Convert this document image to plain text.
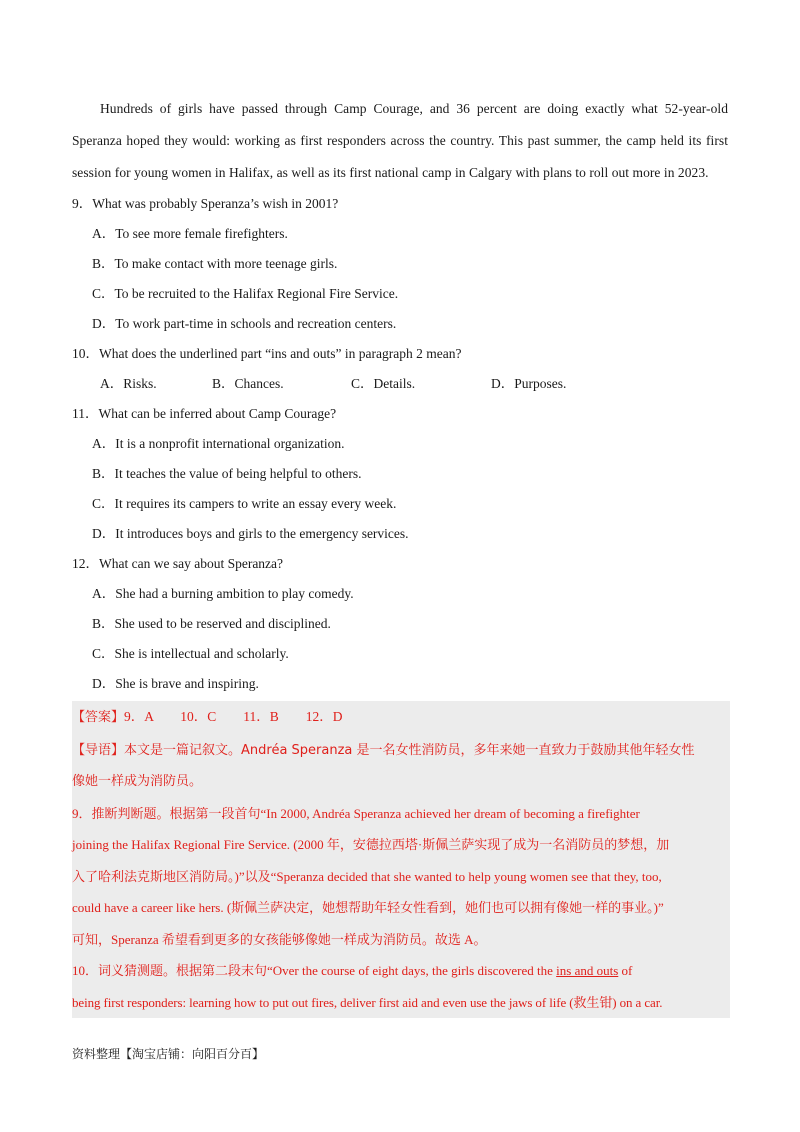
Hundreds of girls have passed through Camp Courage, and 36 percent are doing exactly what 52-year-old Speranza hoped they would: working as first responders across the country. This past summer, the camp held its first session for young women in Halifax, as well as its first national camp in Calgary with plans to roll out more in 2023.

9．What was probably Speranza’s wish in 2001?

A．To see more female firefighters.

B．To make contact with more teenage girls.

C．To be recruited to the Halifax Regional Fire Service.

D．To work part-time in schools and recreation centers.

10．What does the underlined part “ins and outs” in paragraph 2 mean?

A．Risks.	B．Chances.	C．Details.	D．Purposes.

11．What can be inferred about Camp Courage?

A．It is a nonprofit international organization.

B．It teaches the value of being helpful to others.

C．It requires its campers to write an essay every week.

D．It introduces boys and girls to the emergency services.

12．What can we say about Speranza?

A．She had a burning ambition to play comedy.

B．She used to be reserved and disciplined.

C．She is intellectual and scholarly.

D．She is brave and inspiring.

【答案】9．A　　10．C　　11．B　　12．D

【导语】本文是一篇记叙文。Andréa Speranza 是一名女性消防员，多年来她一直致力于鼓励其他年轻女性

像她一样成为消防员。

9．推断判断题。根据第一段首句“In 2000, Andréa Speranza achieved her dream of becoming a firefighter

joining the Halifax Regional Fire Service. (2000 年，安德拉西塔·斯佩兰萨实现了成为一名消防员的梦想，加

入了哈利法克斯地区消防局。)”以及“Speranza decided that she wanted to help young women see that they, too,

could have a career like hers. (斯佩兰萨决定，她想帮助年轻女性看到，她们也可以拥有像她一样的事业。)”

可知，Speranza 希望看到更多的女孩能够像她一样成为消防员。故选 A。

10．词义猜测题。根据第二段末句“Over the course of eight days, the girls discovered the ins and outs of

being first responders: learning how to put out fires, deliver first aid and even use the jaws of life (救生钳) on a car.

资料整理【淘宝店铺：向阳百分百】
